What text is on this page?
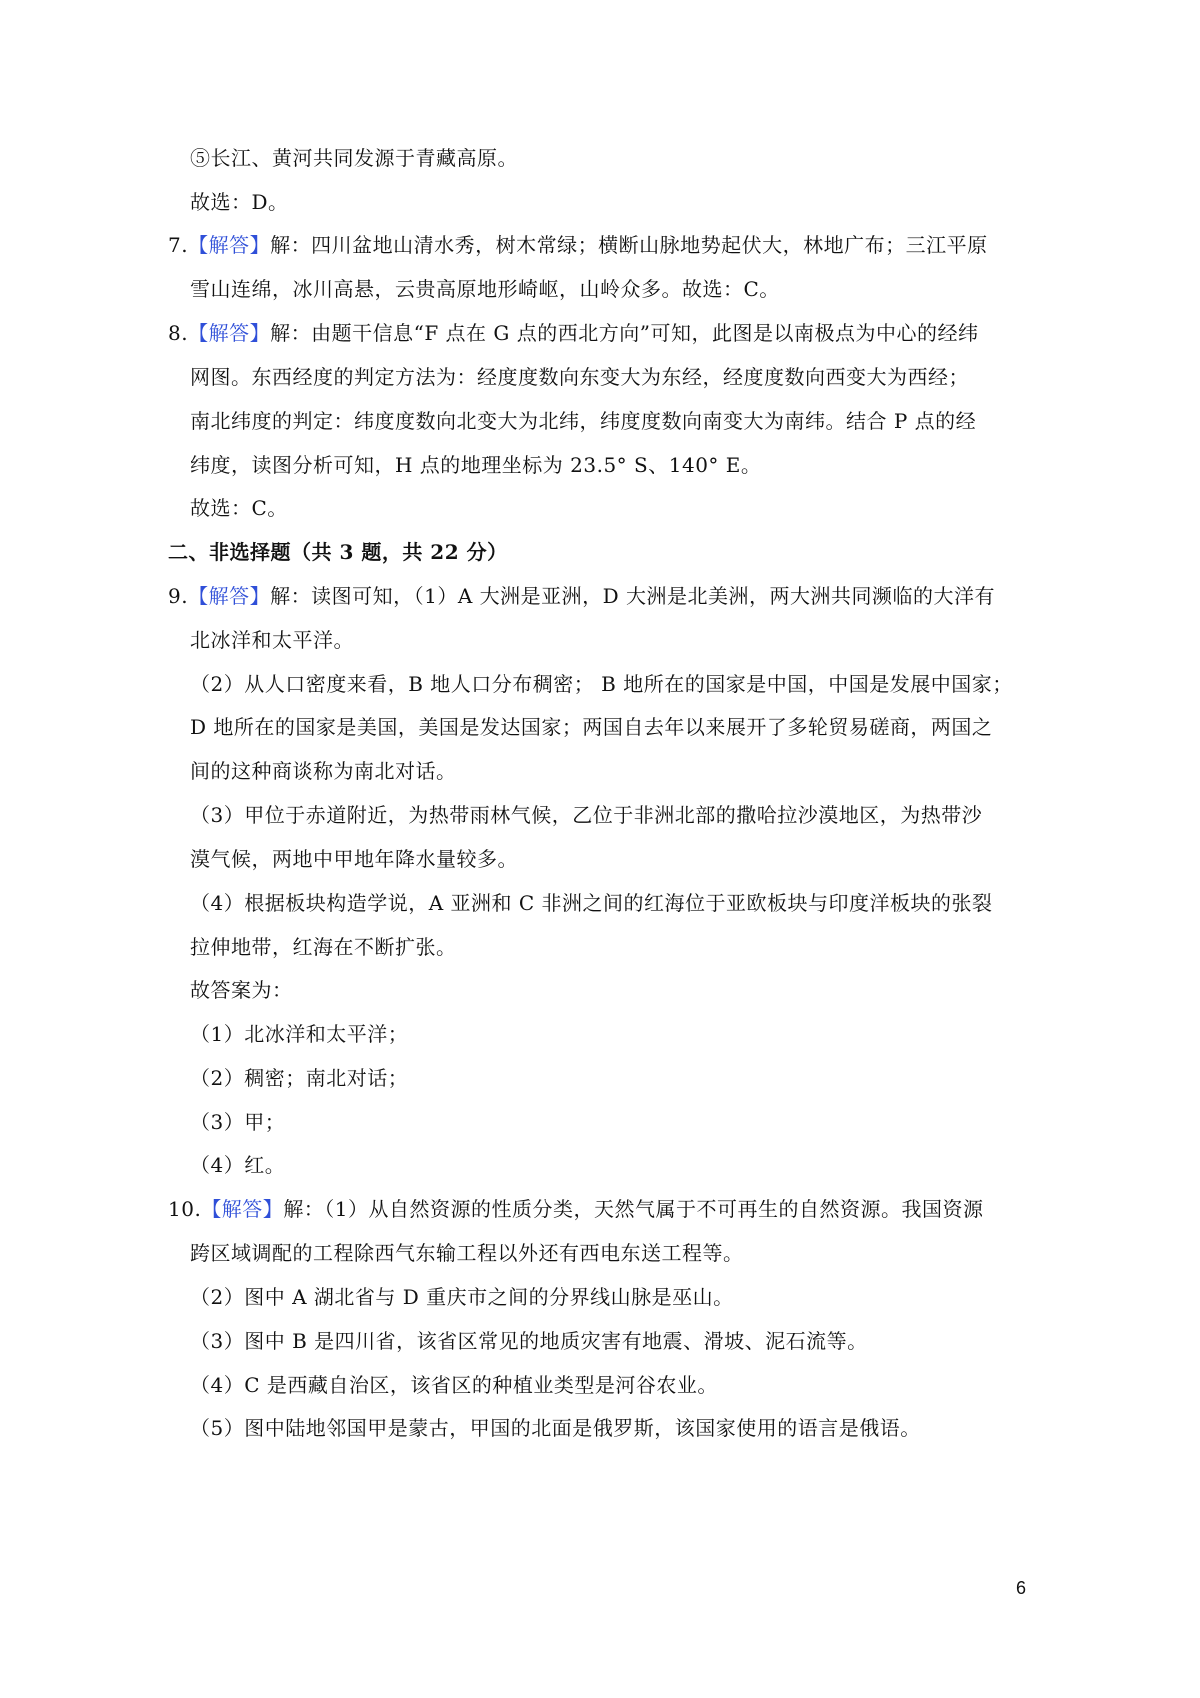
⑤长江、黄河共同发源于青藏高原。
故选：D。
7.【解答】解：四川盆地山清水秀，树木常绿；横断山脉地势起伏大，林地广布；三江平原
雪山连绵，冰川高悬，云贵高原地形崎岖，山岭众多。故选：C。
8.【解答】解：由题干信息“F 点在 G 点的西北方向”可知，此图是以南极点为中心的经纬
网图。东西经度的判定方法为：经度度数向东变大为东经，经度度数向西变大为西经；
南北纬度的判定：纬度度数向北变大为北纬，纬度度数向南变大为南纬。结合 P 点的经
纬度，读图分析可知，H 点的地理坐标为 23.5° S、140° E。
故选：C。
二、非选择题（共 3 题，共 22 分）
9.【解答】解：读图可知，（1）A 大洲是亚洲，D 大洲是北美洲，两大洲共同濒临的大洋有
北冰洋和太平洋。
（2）从人口密度来看，B 地人口分布稠密； B 地所在的国家是中国，中国是发展中国家；
D 地所在的国家是美国，美国是发达国家；两国自去年以来展开了多轮贸易磋商，两国之
间的这种商谈称为南北对话。
（3）甲位于赤道附近，为热带雨林气候，乙位于非洲北部的撒哈拉沙漠地区，为热带沙
漠气候，两地中甲地年降水量较多。
（4）根据板块构造学说，A 亚洲和 C 非洲之间的红海位于亚欧板块与印度洋板块的张裂
拉伸地带，红海在不断扩张。
故答案为：
（1）北冰洋和太平洋；
（2）稠密；南北对话；
（3）甲；
（4）红。
10.【解答】解：（1）从自然资源的性质分类，天然气属于不可再生的自然资源。我国资源
跨区域调配的工程除西气东输工程以外还有西电东送工程等。
（2）图中 A 湖北省与 D 重庆市之间的分界线山脉是巫山。
（3）图中 B 是四川省，该省区常见的地质灾害有地震、滑坡、泥石流等。
（4）C 是西藏自治区，该省区的种植业类型是河谷农业。
（5）图中陆地邻国甲是蒙古，甲国的北面是俄罗斯，该国家使用的语言是俄语。
6
